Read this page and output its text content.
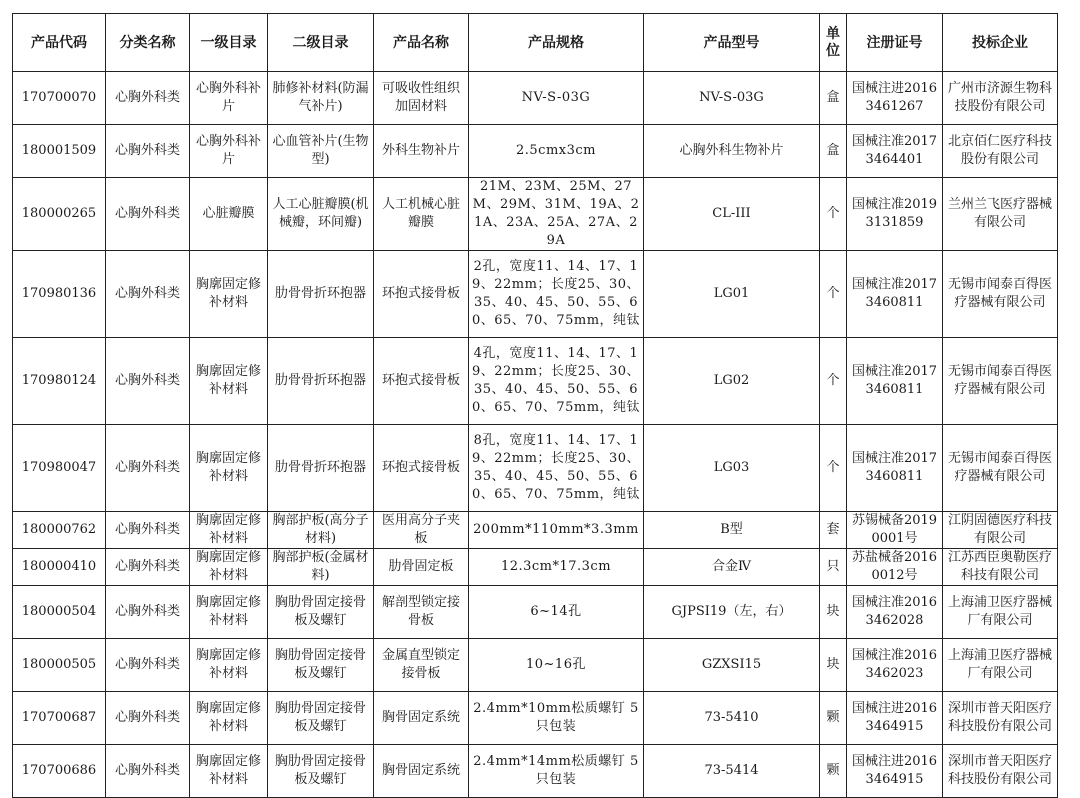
产品代码	分类名称	一级目录	二级目录	产品名称	产品规格	产品型号	单位	注册证号	投标企业
170700070	心胸外科类	心胸外科补片	肺修补材料(防漏气补片)	可吸收性组织加固材料	NV-S-03G	NV-S-03G	盒	国械注进20163461267	广州市济源生物科技股份有限公司
180001509	心胸外科类	心胸外科补片	心血管补片(生物型)	外科生物补片	2.5cmx3cm	心胸外科生物补片	盒	国械注准20173464401	北京佰仁医疗科技股份有限公司
180000265	心胸外科类	心脏瓣膜	人工心脏瓣膜(机械瓣，环间瓣)	人工机械心脏瓣膜	21M、23M、25M、27M、29M、31M、19A、21A、23A、25A、27A、29A	CL-III	个	国械注准20193131859	兰州兰飞医疗器械有限公司
170980136	心胸外科类	胸廓固定修补材料	肋骨骨折环抱器	环抱式接骨板	2孔，宽度11、14、17、19、22mm；长度25、30、35、40、45、50、55、60、65、70、75mm，纯钛	LG01	个	国械注准20173460811	无锡市闻泰百得医疗器械有限公司
170980124	心胸外科类	胸廓固定修补材料	肋骨骨折环抱器	环抱式接骨板	4孔，宽度11、14、17、19、22mm；长度25、30、35、40、45、50、55、60、65、70、75mm，纯钛	LG02	个	国械注准20173460811	无锡市闻泰百得医疗器械有限公司
170980047	心胸外科类	胸廓固定修补材料	肋骨骨折环抱器	环抱式接骨板	8孔，宽度11、14、17、19、22mm；长度25、30、35、40、45、50、55、60、65、70、75mm，纯钛	LG03	个	国械注准20173460811	无锡市闻泰百得医疗器械有限公司
180000762	心胸外科类	胸廓固定修补材料	胸部护板(高分子材料)	医用高分子夹板	200mm*110mm*3.3mm	B型	套	苏锡械备20190001号	江阴固德医疗科技有限公司
180000410	心胸外科类	胸廓固定修补材料	胸部护板(金属材料)	肋骨固定板	12.3cm*17.3cm	合金Ⅳ	只	苏盐械备20160012号	江苏西臣奥勒医疗科技有限公司
180000504	心胸外科类	胸廓固定修补材料	胸肋骨固定接骨板及螺钉	解剖型锁定接骨板	6~14孔	GJPSⅠ19（左，右）	块	国械注准20163462028	上海浦卫医疗器械厂有限公司
180000505	心胸外科类	胸廓固定修补材料	胸肋骨固定接骨板及螺钉	金属直型锁定接骨板	10~16孔	GZXSⅠ15	块	国械注准20163462023	上海浦卫医疗器械厂有限公司
170700687	心胸外科类	胸廓固定修补材料	胸肋骨固定接骨板及螺钉	胸骨固定系统	2.4mm*10mm松质螺钉 5只包装	73-5410	颗	国械注进20163464915	深圳市普天阳医疗科技股份有限公司
170700686	心胸外科类	胸廓固定修补材料	胸肋骨固定接骨板及螺钉	胸骨固定系统	2.4mm*14mm松质螺钉 5只包装	73-5414	颗	国械注进20163464915	深圳市普天阳医疗科技股份有限公司
